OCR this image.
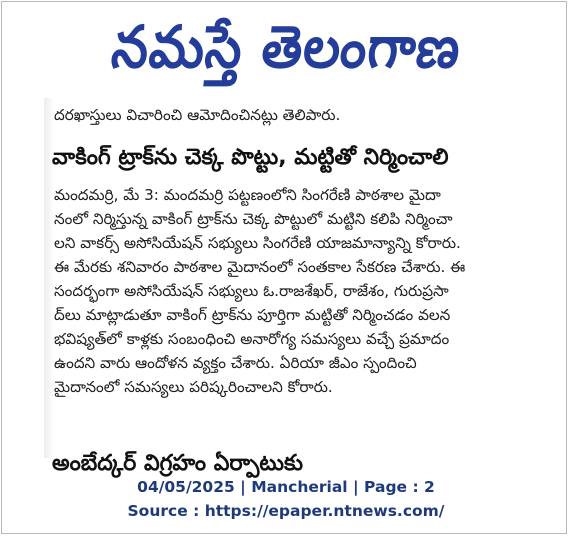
నమస్తే తెలంగాణ
దరఖాస్తులు విచారించి ఆమోదించినట్లు తెలిపారు.
వాకింగ్ ట్రాక్‌ను చెక్క పొట్టు, మట్టితో నిర్మించాలి
మందమర్రి, మే 3: మందమర్రి పట్టణంలోని సింగరేణి పాఠశాల మైదా
నంలో నిర్మిస్తున్న వాకింగ్ ట్రాక్‌ను చెక్క పొట్టులో మట్టిని కలిపి నిర్మించా
లని వాకర్స్ అసోసియేషన్ సభ్యులు సింగరేణి యాజమాన్యాన్ని కోరారు.
ఈ మేరకు శనివారం పాఠశాల మైదానంలో సంతకాల సేకరణ చేశారు. ఈ
సందర్భంగా అసోసియేషన్ సభ్యులు ఓ.రాజశేఖర్, రాజేశం, గురుప్రసా
ద్‌లు మాట్లాడుతూ వాకింగ్ ట్రాక్‌ను పూర్తిగా మట్టితో నిర్మించడం వలన
భవిష్యత్‌లో కాళ్లకు సంబంధించి అనారోగ్య సమస్యలు వచ్చే ప్రమాదం
ఉందని వారు ఆందోళన వ్యక్తం చేశారు. ఏరియా జీఎం స్పందించి
మైదానంలో సమస్యలు పరిష్కరించాలని కోరారు.
అంబేద్కర్ విగ్రహం ఏర్పాటుకు
04/05/2025 | Mancherial | Page : 2
Source : https://epaper.ntnews.com/
